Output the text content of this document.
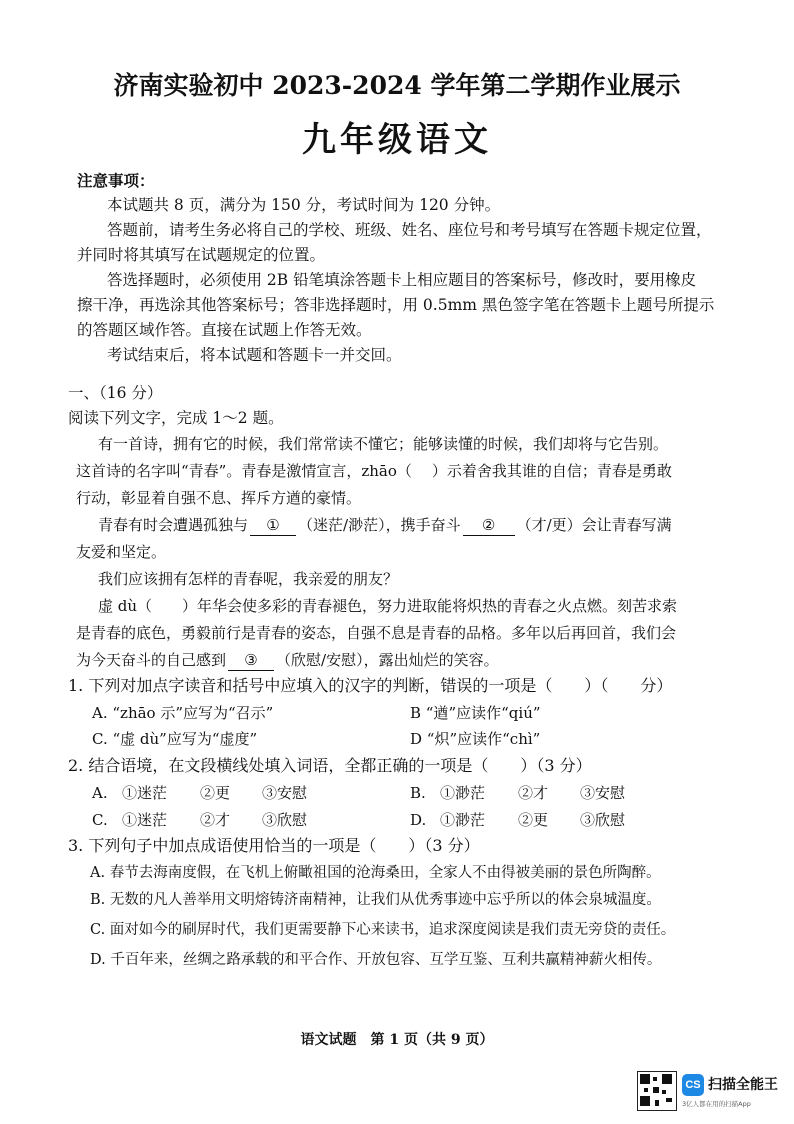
济南实验初中 2023-2024 学年第二学期作业展示
九年级语文
注意事项：
本试题共 8 页，满分为 150 分，考试时间为 120 分钟。
答题前，请考生务必将自己的学校、班级、姓名、座位号和考号填写在答题卡规定位置，
并同时将其填写在试题规定的位置。
答选择题时，必须使用 2B 铅笔填涂答题卡上相应题目的答案标号，修改时，要用橡皮
擦干净，再选涂其他答案标号；答非选择题时，用 0.5mm 黑色签字笔在答题卡上题号所提示
的答题区域作答。直接在试题上作答无效。
考试结束后，将本试题和答题卡一并交回。
一、（16 分）
阅读下列文字，完成 1～2 题。
有一首诗，拥有它的时候，我们常常读不懂它；能够读懂的时候，我们却将与它告别。
这首诗的名字叫“青春”。青春是激情宣言，zhāo（ ）示着舍我其谁的自信；青春是勇敢
行动，彰显着自强不息、挥斥方遒的豪情。
青春有时会遭遇孤独与 ① （迷茫/渺茫），携手奋斗 ② （才/更）会让青春写满
友爱和坚定。
我们应该拥有怎样的青春呢，我亲爱的朋友？
虚 dù（　　）年华会使多彩的青春褪色，努力进取能将炽热的青春之火点燃。刻苦求索
是青春的底色，勇毅前行是青春的姿态，自强不息是青春的品格。多年以后再回首，我们会
为今天奋斗的自己感到 ③ （欣慰/安慰），露出灿烂的笑容。
1. 下列对加点字读音和括号中应填入的汉字的判断，错误的一项是（　　）（　　分）
A. “zhāo 示”应写为“召示”	B “遒”应读作“qiú”
C. “虚 dù”应写为“虚度”	D “炽”应读作“chì”
2. 结合语境，在文段横线处填入词语，全都正确的一项是（　　）（3 分）
A. ①迷茫 ②更 ③安慰	B. ①渺茫 ②才 ③安慰
C. ①迷茫 ②才 ③欣慰	D. ①渺茫 ②更 ③欣慰
3. 下列句子中加点成语使用恰当的一项是（　　）（3 分）
A. 春节去海南度假，在飞机上俯瞰祖国的沧海桑田，全家人不由得被美丽的景色所陶醉。
B. 无数的凡人善举用文明熔铸济南精神，让我们从优秀事迹中忘乎所以的体会泉城温度。
C. 面对如今的刷屏时代，我们更需要静下心来读书，追求深度阅读是我们责无旁贷的责任。
D. 千百年来，丝绸之路承载的和平合作、开放包容、互学互鉴、互利共赢精神薪火相传。
语文试题　第 1 页（共 9 页）
CS 扫描全能王
3亿人都在用的扫描App
